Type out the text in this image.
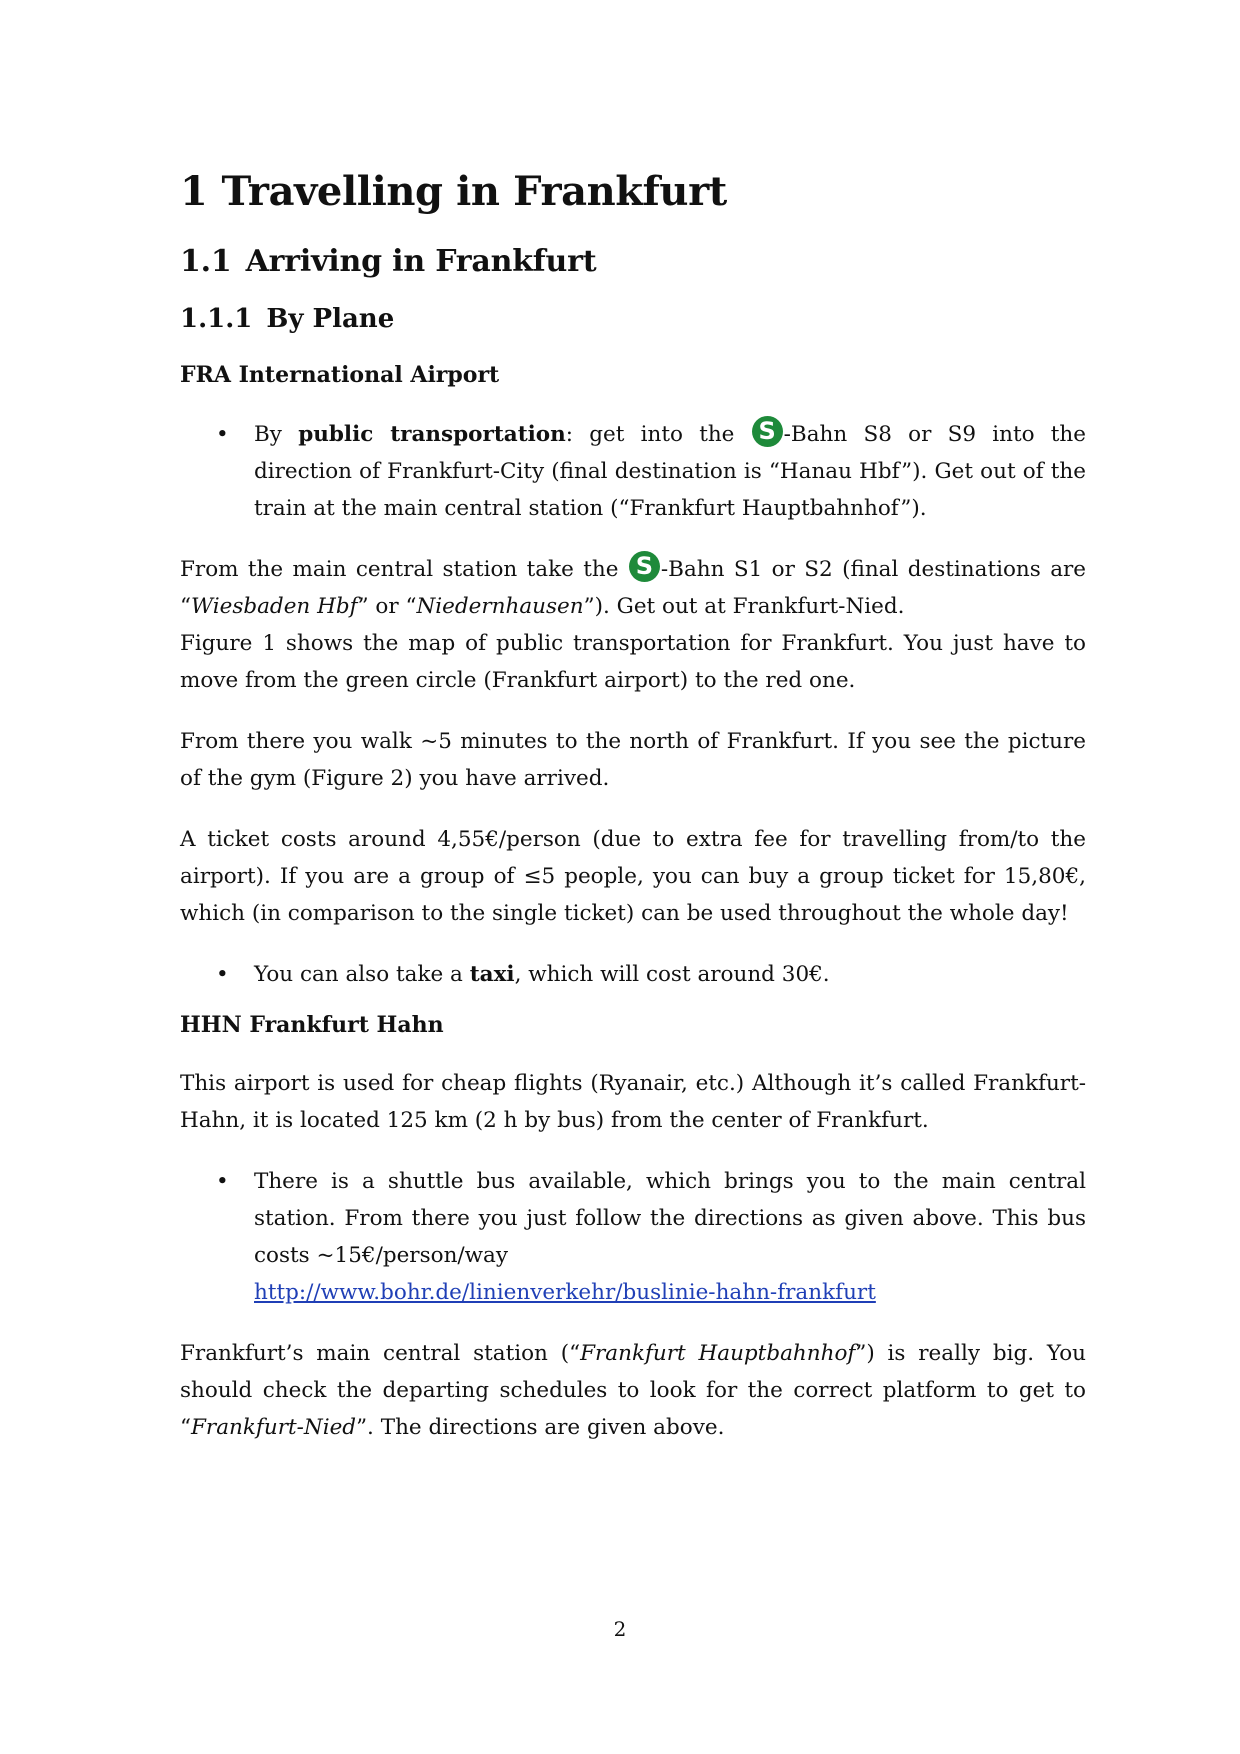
1 Travelling in Frankfurt
1.1 Arriving in Frankfurt
1.1.1 By Plane
FRA International Airport
• By public transportation: get into the S -Bahn S8 or S9 into the direction of Frankfurt-City (final destination is “Hanau Hbf”). Get out of the train at the main central station (“Frankfurt Hauptbahnhof”).

From the main central station take the S -Bahn S1 or S2 (final destinations are “Wiesbaden Hbf” or “Niedernhausen”). Get out at Frankfurt-Nied.

Figure 1 shows the map of public transportation for Frankfurt. You just have to move from the green circle (Frankfurt airport) to the red one.

From there you walk ~5 minutes to the north of Frankfurt. If you see the picture of the gym (Figure 2) you have arrived.

A ticket costs around 4,55€/person (due to extra fee for travelling from/to the airport). If you are a group of ≤5 people, you can buy a group ticket for 15,80€, which (in comparison to the single ticket) can be used throughout the whole day!

• You can also take a taxi, which will cost around 30€.

HHN Frankfurt Hahn

This airport is used for cheap flights (Ryanair, etc.) Although it’s called Frankfurt-Hahn, it is located 125 km (2 h by bus) from the center of Frankfurt.

• There is a shuttle bus available, which brings you to the main central station. From there you just follow the directions as given above. This bus costs ~15€/person/way
http://www.bohr.de/linienverkehr/buslinie-hahn-frankfurt

Frankfurt’s main central station (“Frankfurt Hauptbahnhof”) is really big. You should check the departing schedules to look for the correct platform to get to “Frankfurt-Nied”. The directions are given above.

2
